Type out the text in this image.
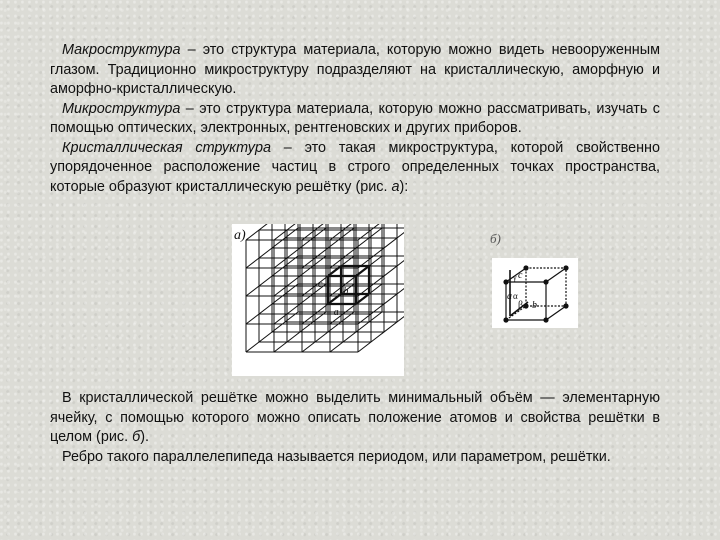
Макроструктура – это структура материала, которую можно видеть невооруженным глазом. Традиционно микроструктуру подразделяют на кристаллическую, аморфную и аморфно-кристаллическую.

Микроструктура – это структура материала, которую можно рассматривать, изучать с помощью оптических, электронных, рентгеновских и других приборов.

Кристаллическая структура – это такая микроструктура, которой свойственно упорядоченное расположение частиц в строго определенных точках пространства, которые образуют кристаллическую решётку (рис. а):

а)
c
b
a
б)
c
γ
a α
β b

В кристаллической решётке можно выделить минимальный объём — элементарную ячейку, с помощью которого можно описать положение атомов и свойства решётки в целом (рис. б).

Ребро такого параллелепипеда называется периодом, или параметром, решётки.
